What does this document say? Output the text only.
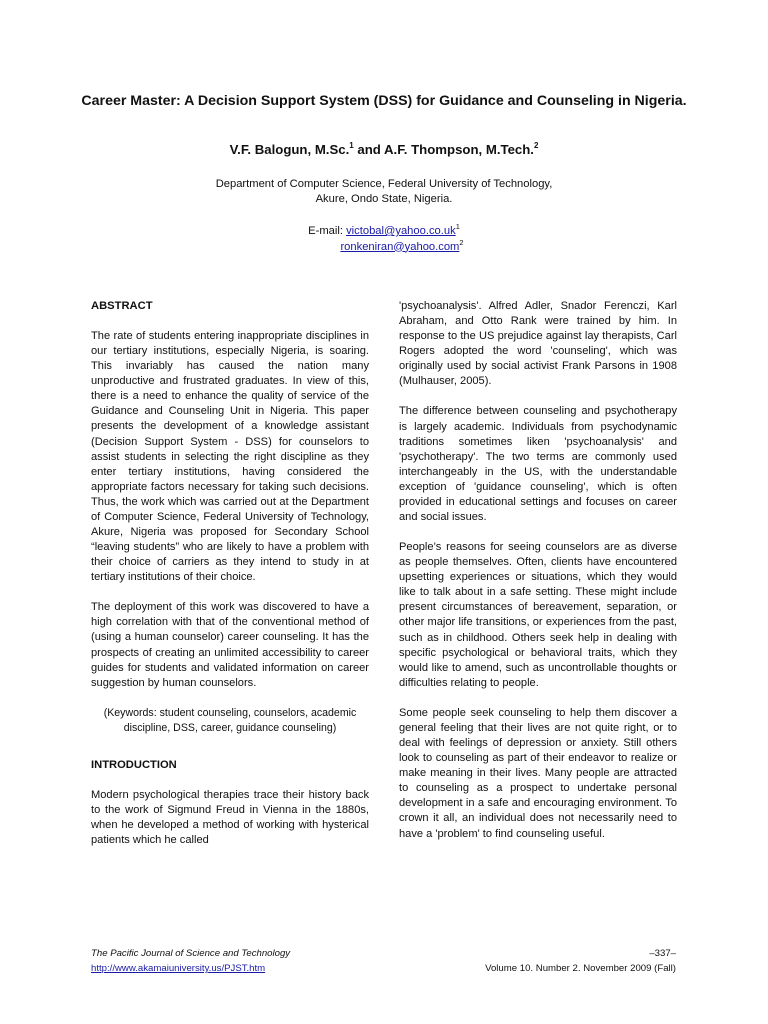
Career Master: A Decision Support System (DSS) for Guidance and Counseling in Nigeria.
V.F. Balogun, M.Sc.$^1$ and A.F. Thompson, M.Tech.$^2$
Department of Computer Science, Federal University of Technology,
Akure, Ondo State, Nigeria.
E-mail: $victobal@yahoo.co.uk^1$
ronkeniran@yahoo.com$^2$
ABSTRACT

The rate of students entering inappropriate disciplines in our tertiary institutions, especially Nigeria, is soaring. This invariably has caused the nation many unproductive and frustrated graduates. In view of this, there is a need to enhance the quality of service of the Guidance and Counseling Unit in Nigeria. This paper presents the development of a knowledge assistant (Decision Support System - DSS) for counselors to assist students in selecting the right discipline as they enter tertiary institutions, having considered the appropriate factors necessary for taking such decisions. Thus, the work which was carried out at the Department of Computer Science, Federal University of Technology, Akure, Nigeria was proposed for Secondary School “leaving students” who are likely to have a problem with their choice of carriers as they intend to study in at tertiary institutions of their choice.

The deployment of this work was discovered to have a high correlation with that of the conventional method of (using a human counselor) career counseling. It has the prospects of creating an unlimited accessibility to career guides for students and validated information on career suggestion by human counselors.

(Keywords: student counseling, counselors, academic discipline, DSS, career, guidance counseling)
INTRODUCTION

Modern psychological therapies trace their history back to the work of Sigmund Freud in Vienna in the 1880s, when he developed a method of working with hysterical patients which he called

'psychoanalysis'. Alfred Adler, Snador Ferenczi, Karl Abraham, and Otto Rank were trained by him. In response to the US prejudice against lay therapists, Carl Rogers adopted the word 'counseling', which was originally used by social activist Frank Parsons in 1908 (Mulhauser, 2005).

The difference between counseling and psychotherapy is largely academic. Individuals from psychodynamic traditions sometimes liken 'psychoanalysis' and 'psychotherapy'. The two terms are commonly used interchangeably in the US, with the understandable exception of 'guidance counseling', which is often provided in educational settings and focuses on career and social issues.

People’s reasons for seeing counselors are as diverse as people themselves. Often, clients have encountered upsetting experiences or situations, which they would like to talk about in a safe setting. These might include present circumstances of bereavement, separation, or other major life transitions, or experiences from the past, such as in childhood. Others seek help in dealing with specific psychological or behavioral traits, which they would like to amend, such as uncontrollable thoughts or difficulties relating to people.

Some people seek counseling to help them discover a general feeling that their lives are not quite right, or to deal with feelings of depression or anxiety. Still others look to counseling as part of their endeavor to realize or make meaning in their lives. Many people are attracted to counseling as a prospect to undertake personal development in a safe and encouraging environment. To crown it all, an individual does not necessarily need to have a 'problem' to find counseling useful.

The Pacific Journal of Science and Technology
http://www.akamaiuniversity.us/PJST.htm
–337–
Volume 10. Number 2. November 2009 (Fall)
